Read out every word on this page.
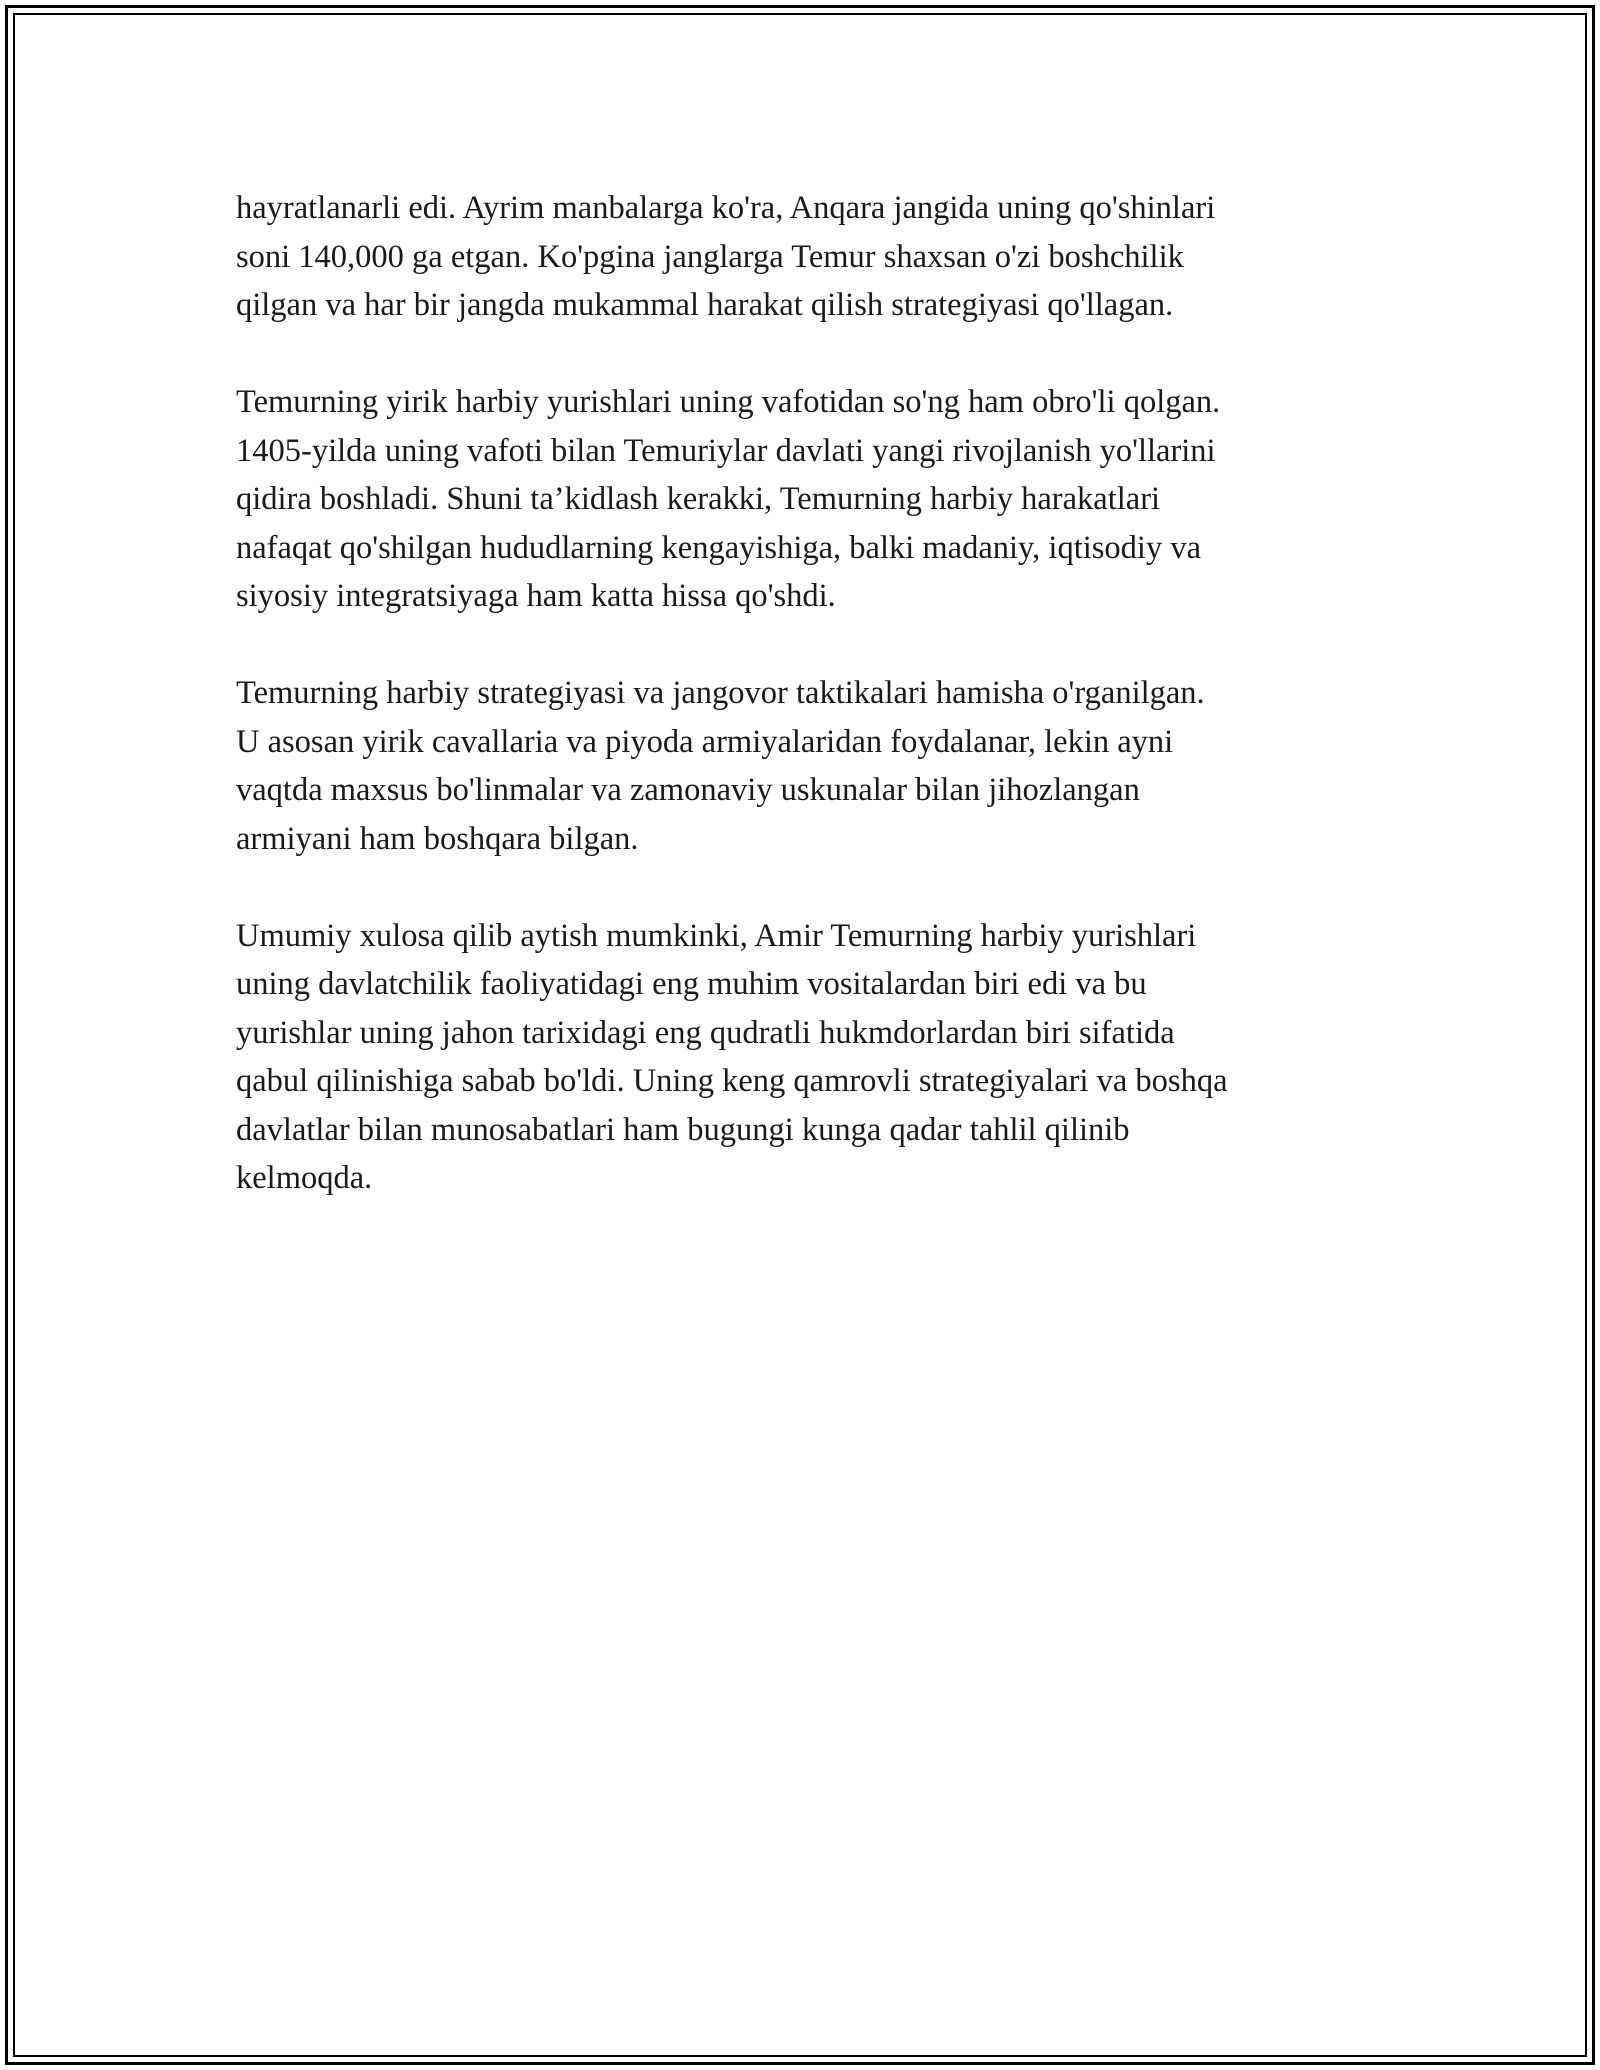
hayratlanarli edi. Ayrim manbalarga ko'ra, Anqara jangida uning qo'shinlari
soni 140,000 ga etgan. Ko'pgina janglarga Temur shaxsan o'zi boshchilik
qilgan va har bir jangda mukammal harakat qilish strategiyasi qo'llagan.

Temurning yirik harbiy yurishlari uning vafotidan so'ng ham obro'li qolgan.
1405-yilda uning vafoti bilan Temuriylar davlati yangi rivojlanish yo'llarini
qidira boshladi. Shuni ta’kidlash kerakki, Temurning harbiy harakatlari
nafaqat qo'shilgan hududlarning kengayishiga, balki madaniy, iqtisodiy va
siyosiy integratsiyaga ham katta hissa qo'shdi.

Temurning harbiy strategiyasi va jangovor taktikalari hamisha o'rganilgan.
U asosan yirik cavallaria va piyoda armiyalaridan foydalanar, lekin ayni
vaqtda maxsus bo'linmalar va zamonaviy uskunalar bilan jihozlangan
armiyani ham boshqara bilgan.

Umumiy xulosa qilib aytish mumkinki, Amir Temurning harbiy yurishlari
uning davlatchilik faoliyatidagi eng muhim vositalardan biri edi va bu
yurishlar uning jahon tarixidagi eng qudratli hukmdorlardan biri sifatida
qabul qilinishiga sabab bo'ldi. Uning keng qamrovli strategiyalari va boshqa
davlatlar bilan munosabatlari ham bugungi kunga qadar tahlil qilinib
kelmoqda.
